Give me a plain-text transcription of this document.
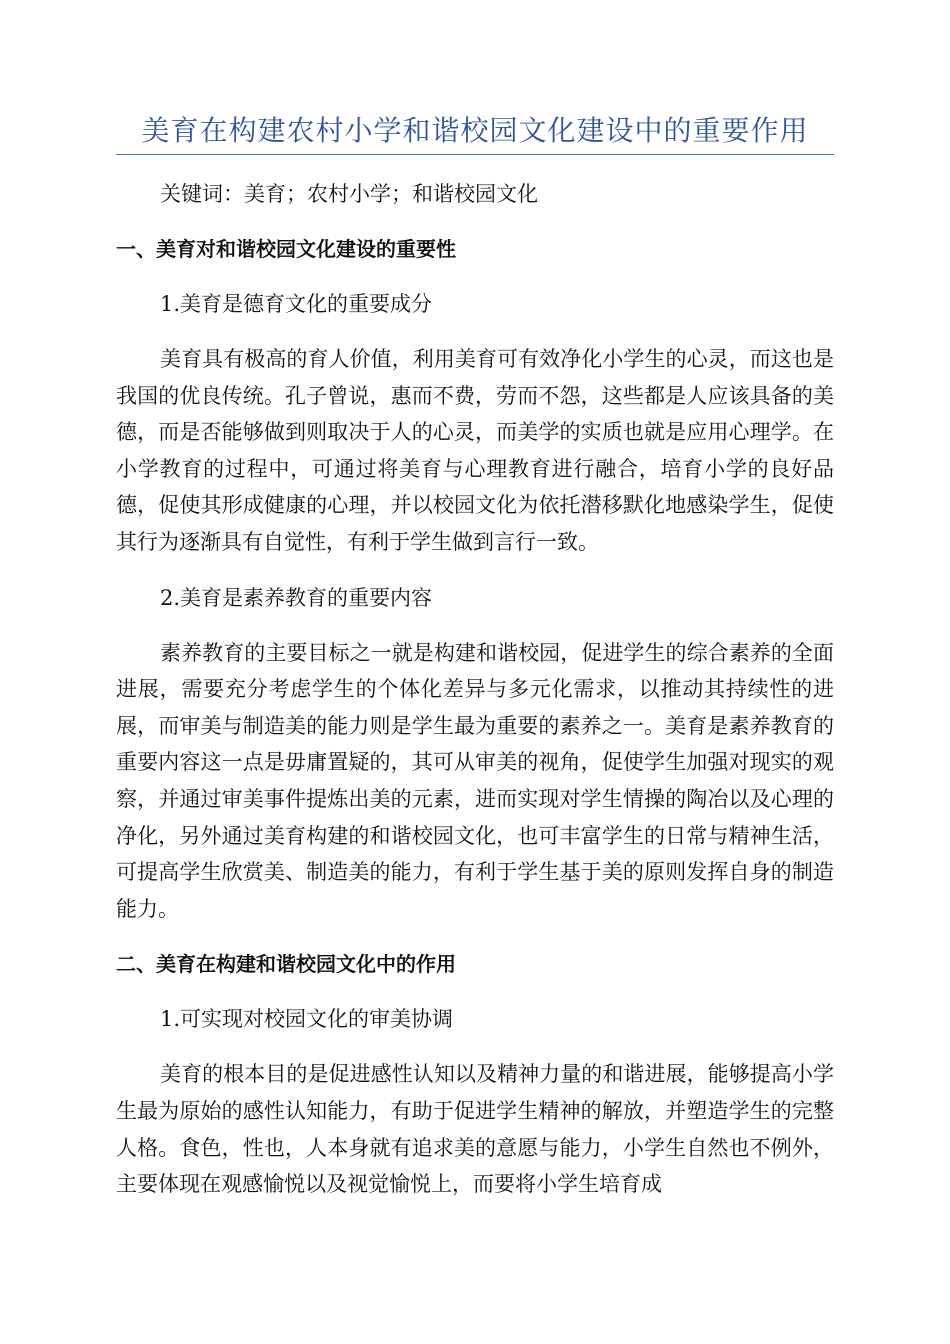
美育在构建农村小学和谐校园文化建设中的重要作用

关键词：美育；农村小学；和谐校园文化

一、美育对和谐校园文化建设的重要性

1.美育是德育文化的重要成分

美育具有极高的育人价值，利用美育可有效净化小学生的心灵，而这也是我国的优良传统。孔子曾说，惠而不费，劳而不怨，这些都是人应该具备的美德，而是否能够做到则取决于人的心灵，而美学的实质也就是应用心理学。在小学教育的过程中，可通过将美育与心理教育进行融合，培育小学的良好品德，促使其形成健康的心理，并以校园文化为依托潜移默化地感染学生，促使其行为逐渐具有自觉性，有利于学生做到言行一致。

2.美育是素养教育的重要内容

素养教育的主要目标之一就是构建和谐校园，促进学生的综合素养的全面进展，需要充分考虑学生的个体化差异与多元化需求，以推动其持续性的进展，而审美与制造美的能力则是学生最为重要的素养之一。美育是素养教育的重要内容这一点是毋庸置疑的，其可从审美的视角，促使学生加强对现实的观察，并通过审美事件提炼出美的元素，进而实现对学生情操的陶冶以及心理的净化，另外通过美育构建的和谐校园文化，也可丰富学生的日常与精神生活，可提高学生欣赏美、制造美的能力，有利于学生基于美的原则发挥自身的制造能力。

二、美育在构建和谐校园文化中的作用

1.可实现对校园文化的审美协调

美育的根本目的是促进感性认知以及精神力量的和谐进展，能够提高小学生最为原始的感性认知能力，有助于促进学生精神的解放，并塑造学生的完整人格。食色，性也，人本身就有追求美的意愿与能力，小学生自然也不例外，主要体现在观感愉悦以及视觉愉悦上，而要将小学生培育成
